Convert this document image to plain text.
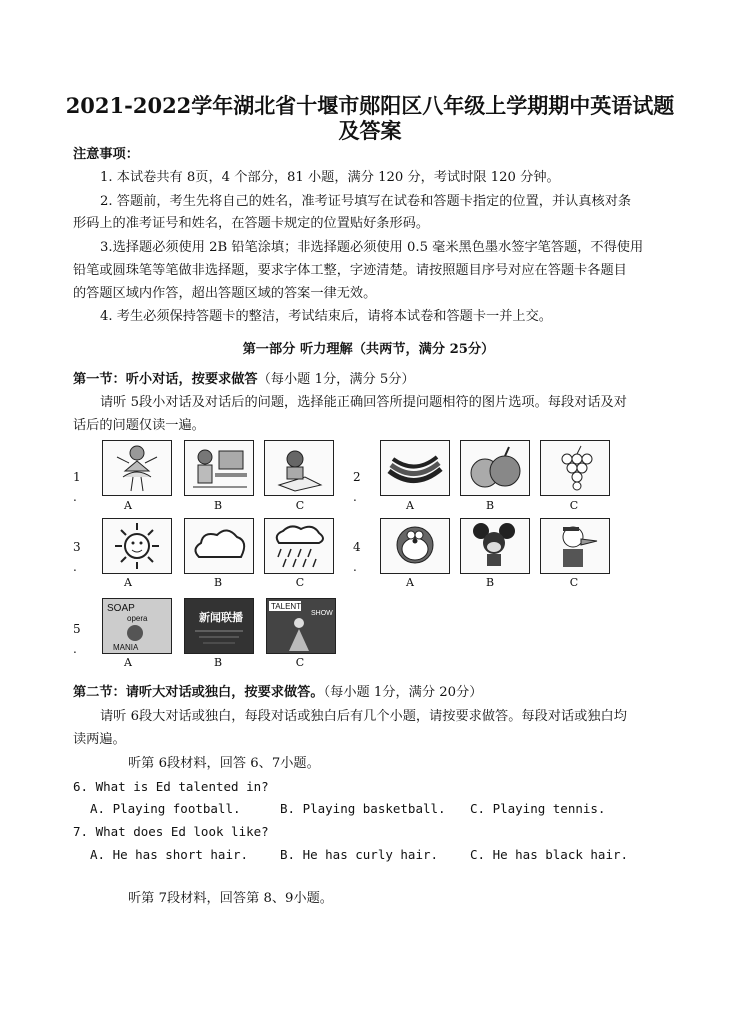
2021-2022学年湖北省十堰市郧阳区八年级上学期期中英语试题
及答案
注意事项：
1. 本试卷共有 8页，4 个部分，81 小题，满分 120 分，考试时限 120 分钟。
2. 答题前，考生先将自己的姓名，准考证号填写在试卷和答题卡指定的位置，并认真核对条
形码上的准考证号和姓名，在答题卡规定的位置贴好条形码。
3.选择题必须使用 2B 铅笔涂填；非选择题必须使用 0.5 毫米黑色墨水签字笔答题，不得使用
铅笔或圆珠笔等笔做非选择题，要求字体工整，字迹清楚。请按照题目序号对应在答题卡各题目
的答题区域内作答，超出答题区域的答案一律无效。
4. 考生必须保持答题卡的整洁，考试结束后，请将本试卷和答题卡一并上交。
第一部分 听力理解（共两节，满分 25分）
第一节：听小对话，按要求做答（每小题 1分，满分 5分）
请听 5段小对话及对话后的问题，选择能正确回答所提问题相符的图片选项。每段对话及对
话后的问题仅读一遍。
1
.
A	B	C
2
.
A	B	C
3
.
A	B	C
4
.
A	B	C
5
.
SOAP
opera
MANIA
新闻联播
TALENT
SHOW
A	B	C
第二节：请听大对话或独白，按要求做答。（每小题 1分，满分 20分）
请听 6段大对话或独白，每段对话或独白后有几个小题，请按要求做答。每段对话或独白均
读两遍。
听第 6段材料，回答 6、7小题。
6. What is Ed talented in?
A. Playing football.	B. Playing basketball. C. Playing tennis.
7. What does Ed look like?
A. He has short hair.	B. He has curly hair.	C. He has black hair.
听第 7段材料，回答第 8、9小题。
